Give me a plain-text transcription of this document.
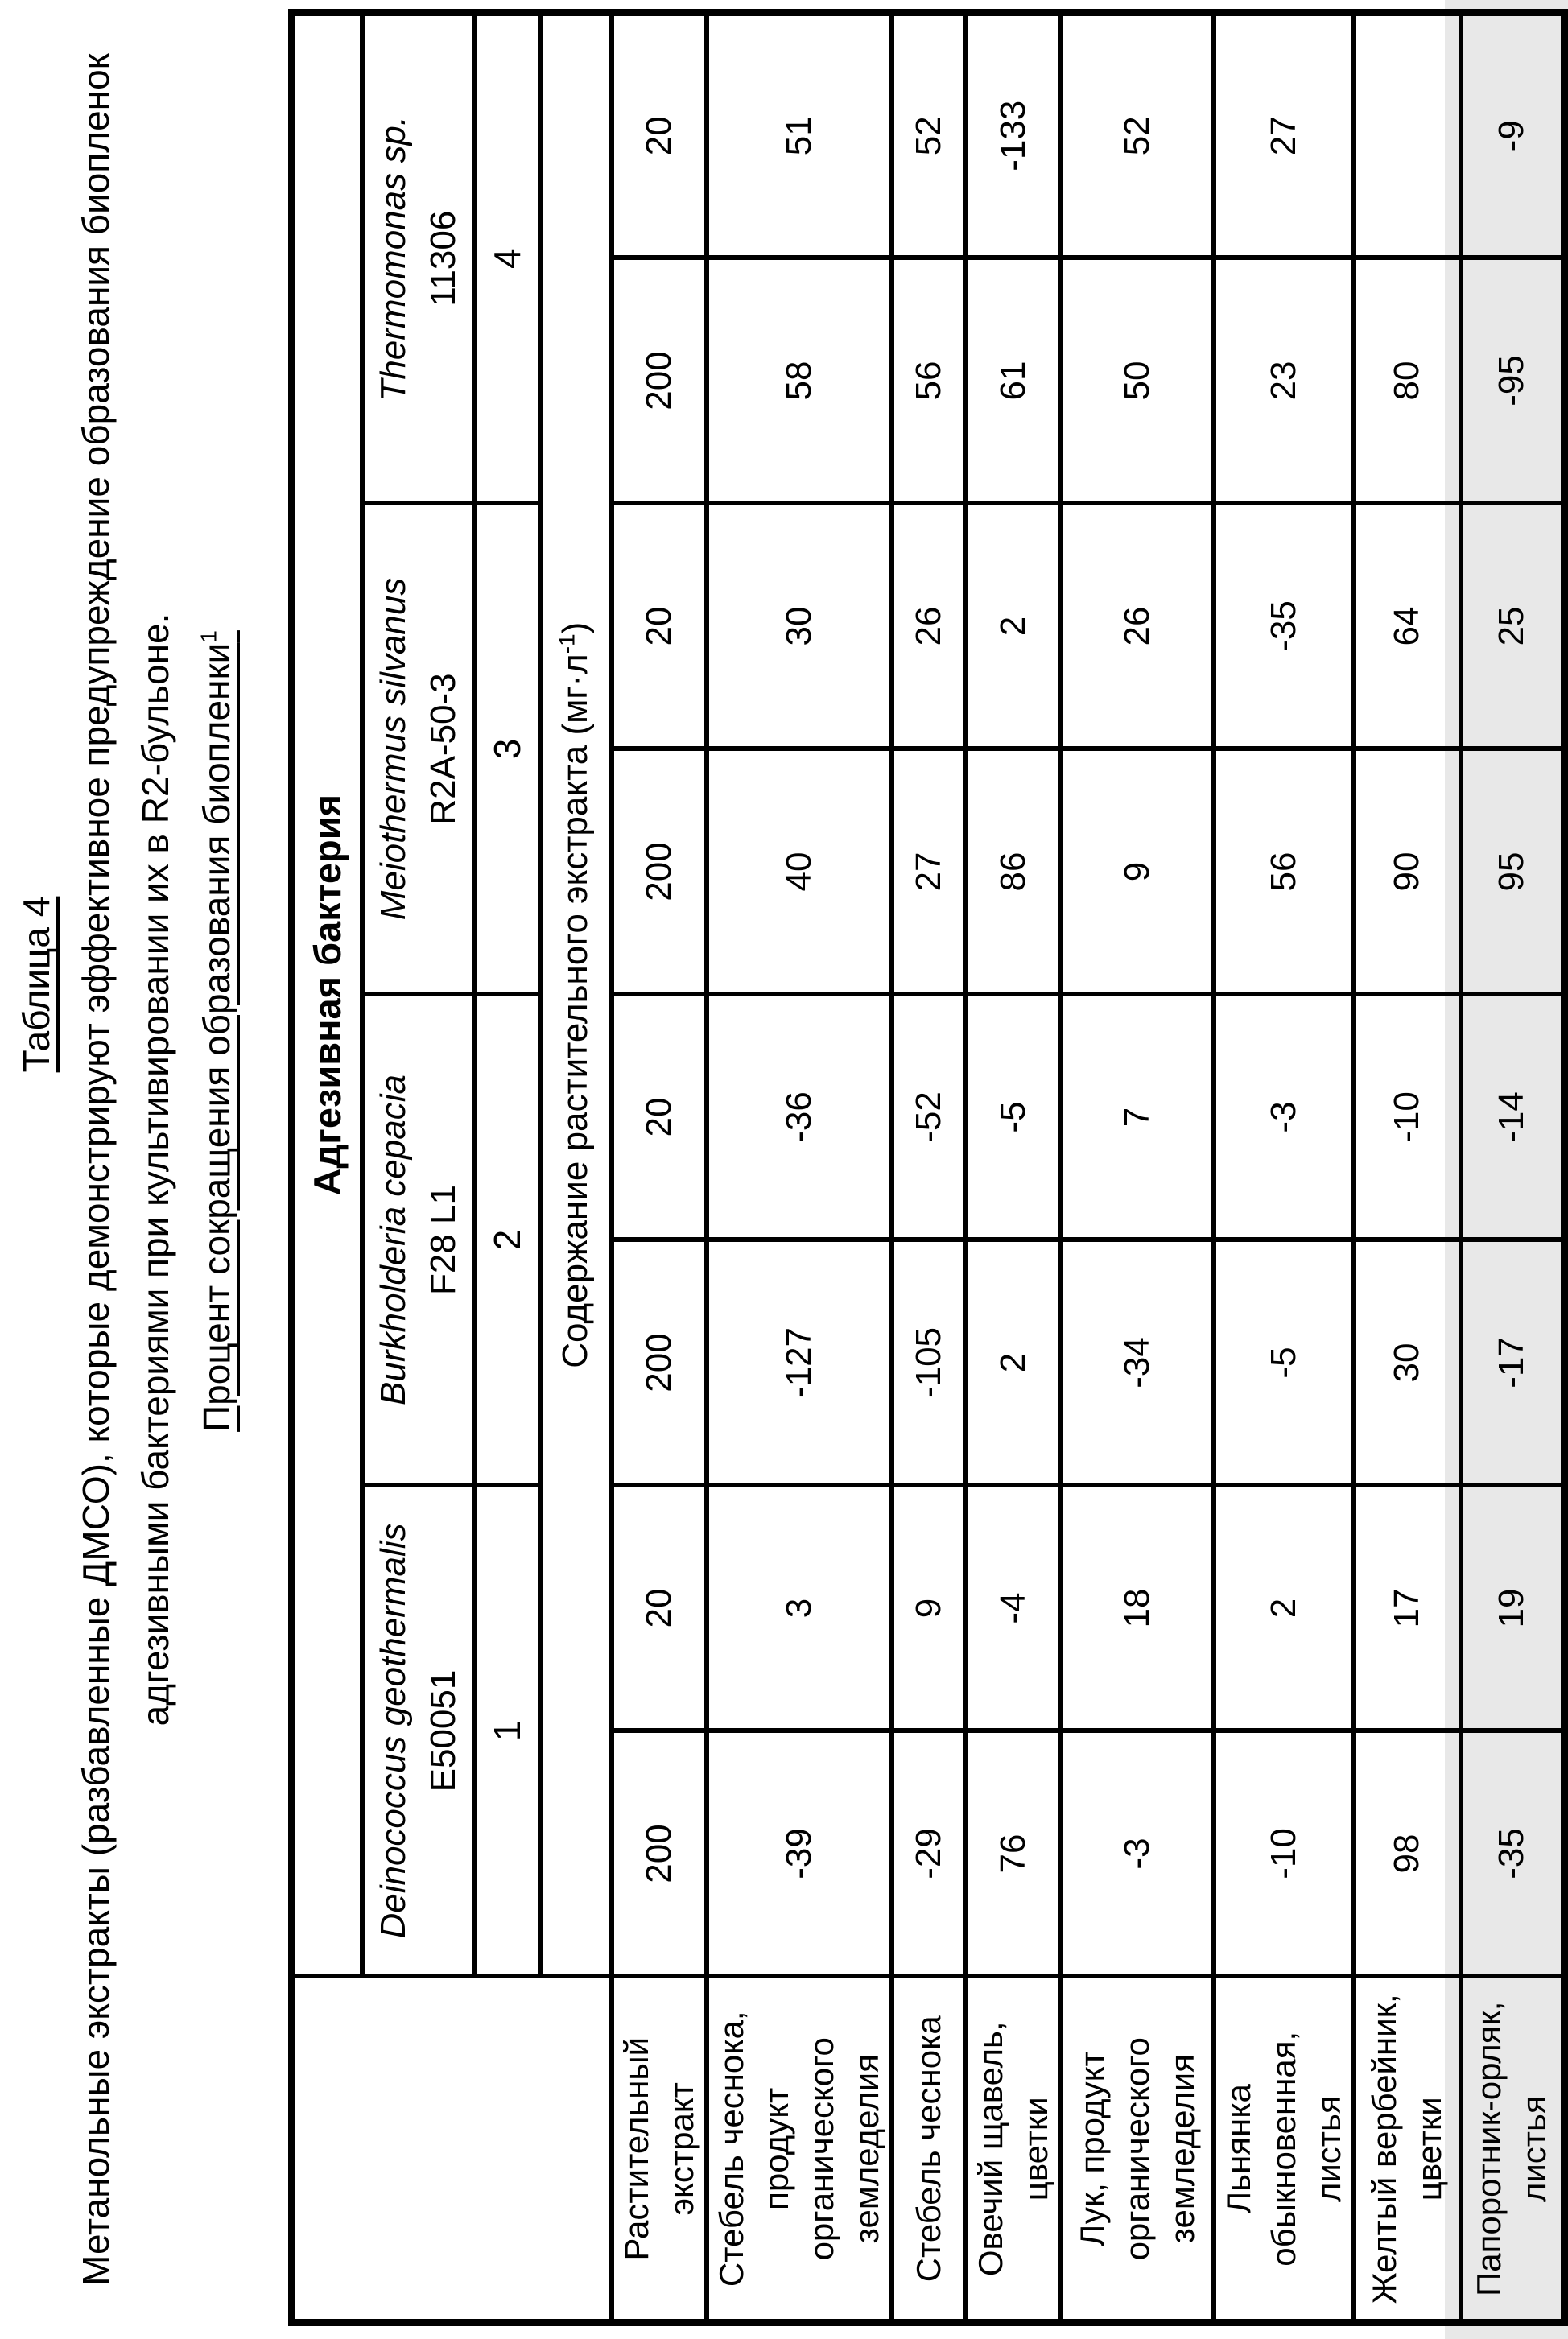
Таблица 4 Метанольные экстракты (разбавленные ДМСО), которые демонстрируют эффективное предупреждение образования биопленок адгезивными бактериями при культивировании их в R2-бульоне. Процент сокращения образования биопленки$^1$
	Адгезивная бактерия							

Deinococcus geothermalis E50051

Burkholderia cepacia F28 L1

Meiothermus silvanus R2A-50-3

Thermomonas sp. 11306

	1		2		3		4	
	Содержание растительного экстракта (мг·л$^{-1}$)							
Растительный экстракт	200	20	200	20	200	20	200	20
Стебель чеснока, продукт органического земледелия	-39	3	-127	-36	40	30	58	51
Стебель чеснока	-29	9	-105	-52	27	26	56	52
Овечий щавель, цветки	76	-4	2	-5	86	2	61	-133
Лук, продукт органического земледелия	-3	18	-34	7	9	26	50	52
Льнянка обыкновенная, листья	-10	2	-5	-3	56	-35	23	27
Желтый вербейник, цветки	98	17	30	-10	90	64	80	
Папоротник-орляк, листья	-35	19	-17	-14	95	25	-95	-9
